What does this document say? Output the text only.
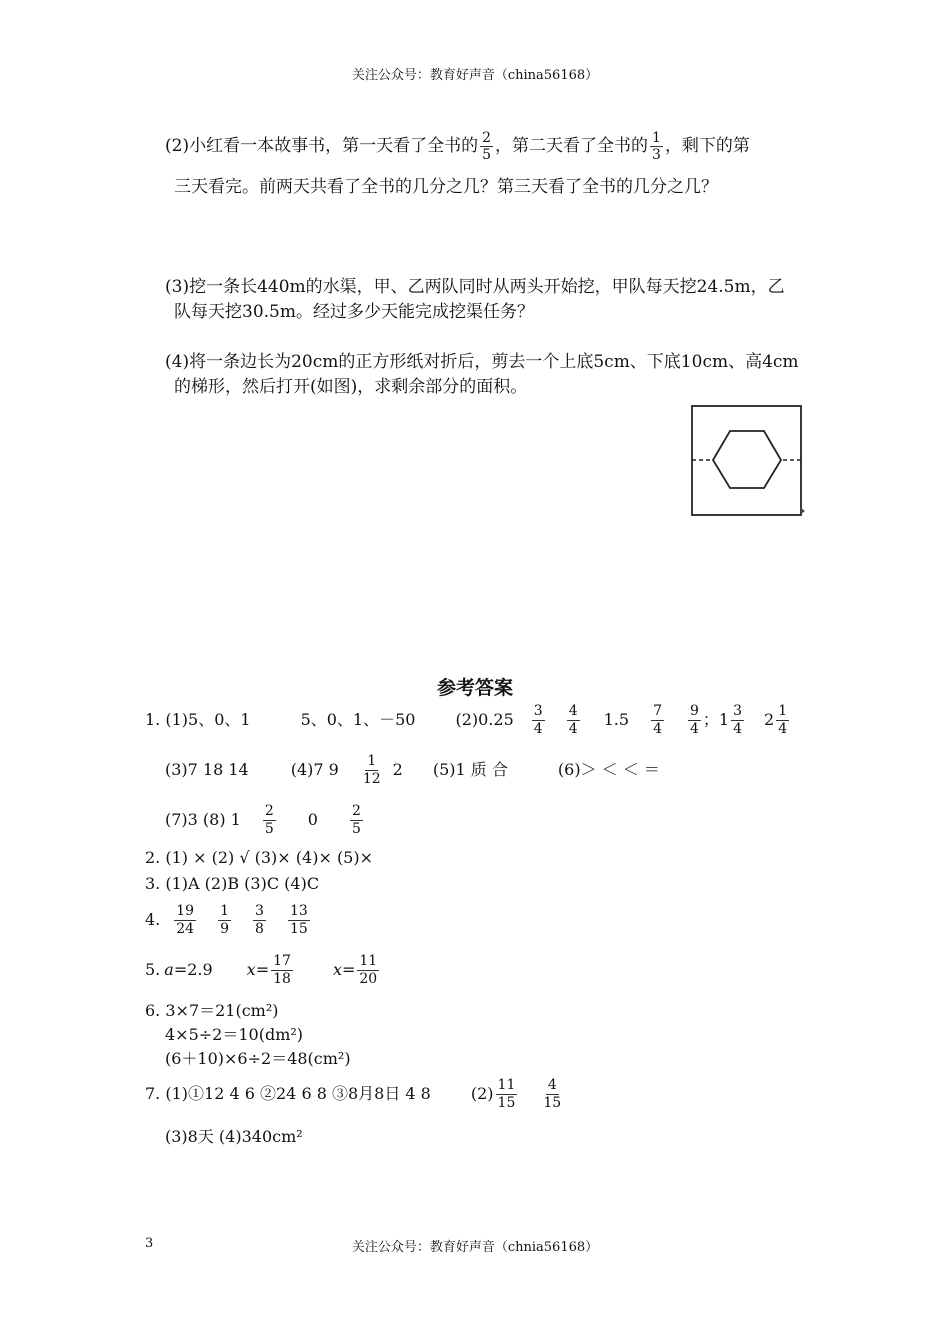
关注公众号：教育好声音（china56168）
(2)小红看一本故事书，第一天看了全书的 $\frac{2}{5}$ ，第二天看了全书的 $\frac{1}{3}$ ，剩下的第
三天看完。前两天共看了全书的几分之几？第三天看了全书的几分之几？
(3)挖一条长440m的水渠，甲、乙两队同时从两头开始挖，甲队每天挖24.5m，乙
队每天挖30.5m。经过多少天能完成挖渠任务？
(4)将一条边长为20cm的正方形纸对折后，剪去一个上底5cm、下底10cm、高4cm
的梯形，然后打开(如图)，求剩余部分的面积。
参考答案
1. (1)5、0、1	5、0、1、－50	$(2)0.25 \frac{3}{4} \frac{4}{4} 1.5 \frac{7}{4} \frac{9}{4}$ ；$1 \frac{3}{4} 2 \frac{1}{4}$
(3)7 18 14	(4)7 $9 \frac{1}{12} 2$ (5)1 质 合	(6)＞ ＜ ＜ ＝
(7)3 (8) $1 \frac{2}{5} 0 \frac{2}{5}$
2. (1) × (2) √ (3)× (4)× (5)×
3. (1)A (2)B (3)C (4)C
4. $\frac{19}{24} \frac{1}{9} \frac{3}{8} \frac{13}{15}$
5. a=2.9 $x= \frac{17}{18}$	$x= \frac{11}{20}$
6. 3×7＝21(cm²)
4×5÷2＝10(dm²)
(6＋10)×6÷2＝48(cm²)
7. (1)①12 4 6 ②24 6 8 ③8月8日 4 8	$(2) \frac{11}{15} \frac{4}{15}$
(3)8天 (4)340cm²
3	关注公众号：教育好声音（chnia56168）
